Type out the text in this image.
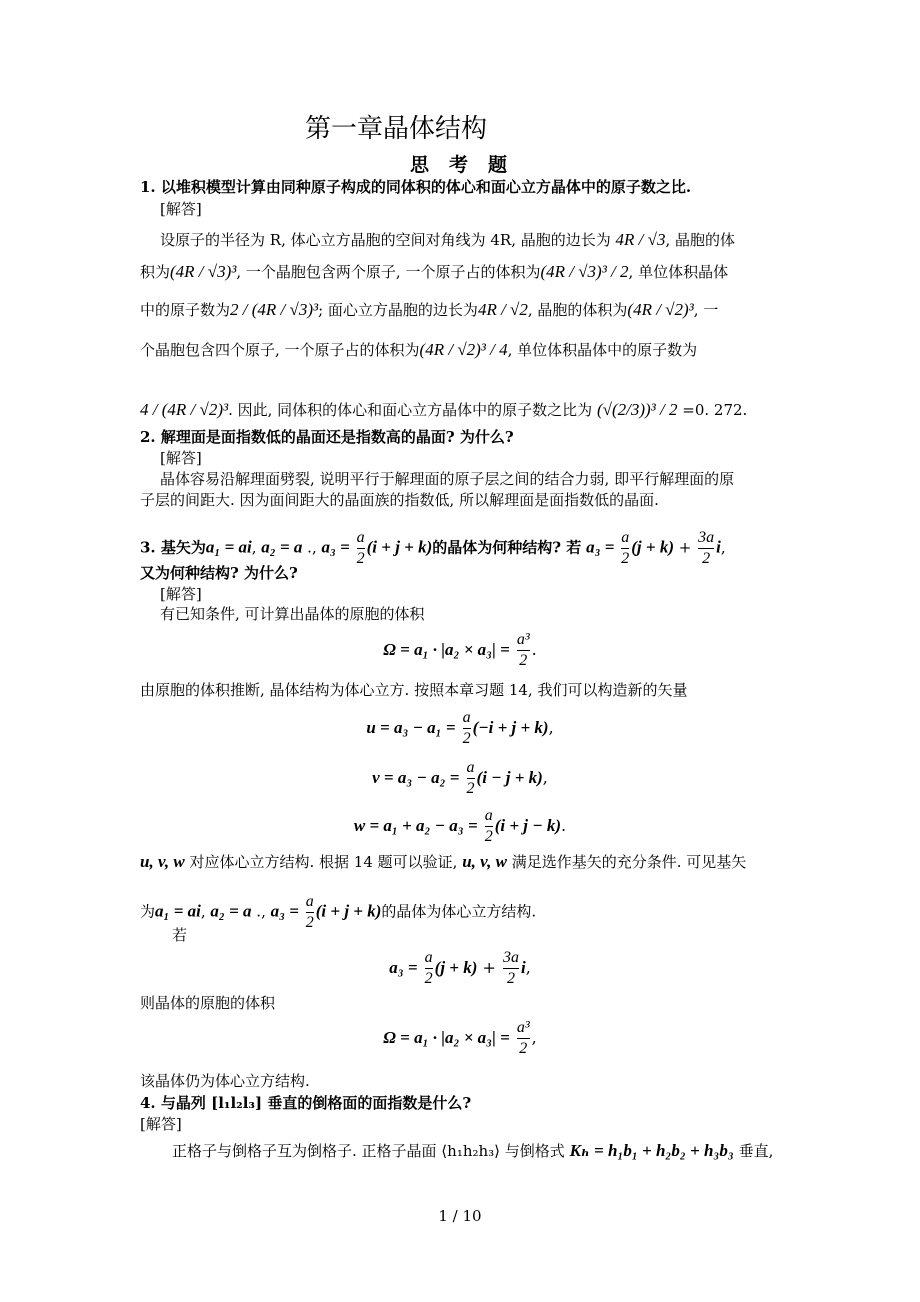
第一章晶体结构
思考题
1. 以堆积模型计算由同种原子构成的同体积的体心和面心立方晶体中的原子数之比.
[解答]
设原子的半径为 R, 体心立方晶胞的空间对角线为 4R, 晶胞的边长为 4R / √3, 晶胞的体
积为(4R / √3)³, 一个晶胞包含两个原子, 一个原子占的体积为(4R / √3)³ / 2, 单位体积晶体
中的原子数为2 / (4R / √3)³; 面心立方晶胞的边长为4R / √2, 晶胞的体积为(4R / √2)³, 一
个晶胞包含四个原子, 一个原子占的体积为(4R / √2)³ / 4, 单位体积晶体中的原子数为
4 / (4R / √2)³. 因此, 同体积的体心和面心立方晶体中的原子数之比为 (√(2/3))³ / 2 =0. 272.
2. 解理面是面指数低的晶面还是指数高的晶面? 为什么?
[解答]
晶体容易沿解理面劈裂, 说明平行于解理面的原子层之间的结合力弱, 即平行解理面的原
子层的间距大. 因为面间距大的晶面族的指数低, 所以解理面是面指数低的晶面.
3. 基矢为a₁ = ai, a₂ = a ., $a_3 = \frac{a}{2} (i + j + k)$的晶体为何种结构? 若 $a_3 = \frac{a}{2} (j + k) + \frac{3a}{2} i$,
又为何种结构? 为什么?
[解答]
有已知条件, 可计算出晶体的原胞的体积
$\Omega = a_1 \cdot |a_2 \times a_3| = \frac{\text{a³}}{2}$ .
由原胞的体积推断, 晶体结构为体心立方. 按照本章习题 14, 我们可以构造新的矢量
$u = a_3 - a_1 = \frac{a}{2} (-i + j + k)$,
$v = a_3 - a_2 = \frac{a}{2} (i - j + k)$,
$w = a_1 + a_2 - a_3 = \frac{a}{2} (i + j - k)$.
u, v, w 对应体心立方结构. 根据 14 题可以验证, u, v, w 满足选作基矢的充分条件. 可见基矢
为a₁ = ai, a₂ = a ., $a_3 = \frac{a}{2} (i + j + k)$的晶体为体心立方结构.
若
$a_3 = \frac{a}{2} (j + k) + \frac{3a}{2} i$,
则晶体的原胞的体积
$\Omega = a_1 \cdot |a_2 \times a_3| = \frac{\text{a³}}{2}$ ,
该晶体仍为体心立方结构.
4. 与晶列 [l₁l₂l₃] 垂直的倒格面的面指数是什么?
[解答]
正格子与倒格子互为倒格子. 正格子晶面 ⟨h₁h₂h₃⟩ 与倒格式 Kₕ = h₁b₁ + h₂b₂ + h₃b₃ 垂直,
1 / 10
